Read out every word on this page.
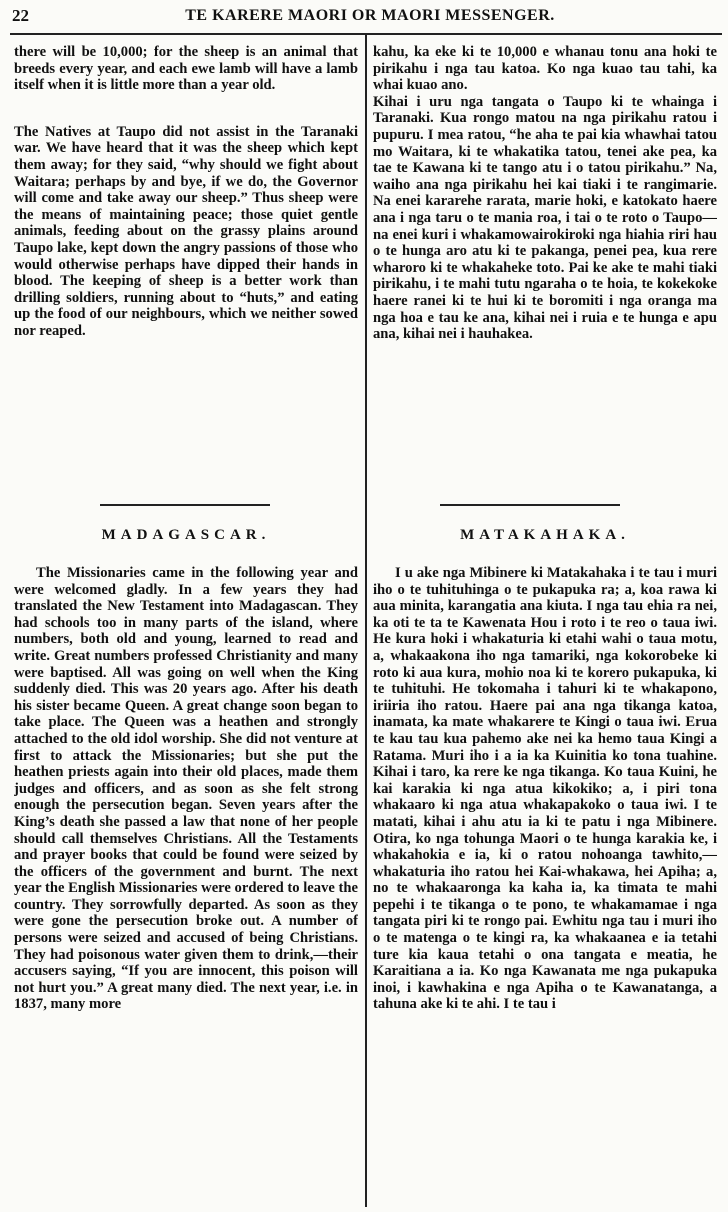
22	TE KARERE MAORI OR MAORI MESSENGER.

there will be 10,000; for the sheep is an animal that breeds every year, and each ewe lamb will have a lamb itself when it is little more than a year old.

The Natives at Taupo did not assist in the Taranaki war. We have heard that it was the sheep which kept them away; for they said, “why should we fight about Waitara; perhaps by and bye, if we do, the Governor will come and take away our sheep.” Thus sheep were the means of maintaining peace; those quiet gentle animals, feeding about on the grassy plains around Taupo lake, kept down the angry passions of those who would otherwise perhaps have dipped their hands in blood. The keeping of sheep is a better work than drilling soldiers, running about to “huts,” and eating up the food of our neighbours, which we neither sowed nor reaped.

kahu, ka eke ki te 10,000 e whanau tonu ana hoki te pirikahu i nga tau katoa. Ko nga kuao tau tahi, ka whai kuao ano.

Kihai i uru nga tangata o Taupo ki te whainga i Taranaki. Kua rongo matou na nga pirikahu ratou i pupuru. I mea ratou, “he aha te pai kia whawhai tatou mo Waitara, ki te whakatika tatou, tenei ake pea, ka tae te Kawana ki te tango atu i o tatou pirikahu.” Na, waiho ana nga pirikahu hei kai tiaki i te rangimarie. Na enei kararehe rarata, marie hoki, e katokato haere ana i nga taru o te mania roa, i tai o te roto o Taupo—na enei kuri i whakamowairokiroki nga hiahia riri hau o te hunga aro atu ki te pakanga, penei pea, kua rere wharoro ki te whakaheke toto. Pai ke ake te mahi tiaki pirikahu, i te mahi tutu ngaraha o te hoia, te kokekoke haere ranei ki te hui ki te boromiti i nga oranga ma nga hoa e tau ke ana, kihai nei i ruia e te hunga e apu ana, kihai nei i hauhakea.

MADAGASCAR.	MATAKAHAKA.

The Missionaries came in the following year and were welcomed gladly. In a few years they had translated the New Testament into Madagascan. They had schools too in many parts of the island, where numbers, both old and young, learned to read and write. Great numbers professed Christianity and many were baptised. All was going on well when the King suddenly died. This was 20 years ago. After his death his sister became Queen. A great change soon began to take place. The Queen was a heathen and strongly attached to the old idol worship. She did not venture at first to attack the Missionaries; but she put the heathen priests again into their old places, made them judges and officers, and as soon as she felt strong enough the persecution began. Seven years after the King’s death she passed a law that none of her people should call themselves Christians. All the Testaments and prayer books that could be found were seized by the officers of the government and burnt. The next year the English Missionaries were ordered to leave the country. They sorrowfully departed. As soon as they were gone the persecution broke out. A number of persons were seized and accused of being Christians. They had poisonous water given them to drink,—their accusers saying, “If you are innocent, this poison will not hurt you.” A great many died. The next year, i.e. in 1837, many more

I u ake nga Mibinere ki Matakahaka i te tau i muri iho o te tuhituhinga o te pukapuka ra; a, koa rawa ki aua minita, karangatia ana kiuta. I nga tau ehia ra nei, ka oti te ta te Kawenata Hou i roto i te reo o taua iwi. He kura hoki i whakaturia ki etahi wahi o taua motu, a, whakaakona iho nga tamariki, nga kokorobeke ki roto ki aua kura, mohio noa ki te korero pukapuka, ki te tuhituhi. He tokomaha i tahuri ki te whakapono, iriiria iho ratou. Haere pai ana nga tikanga katoa, inamata, ka mate whakarere te Kingi o taua iwi. Erua te kau tau kua pahemo ake nei ka hemo taua Kingi a Ratama. Muri iho i a ia ka Kuinitia ko tona tuahine. Kihai i taro, ka rere ke nga tikanga. Ko taua Kuini, he kai karakia ki nga atua kikokiko; a, i piri tona whakaaro ki nga atua whakapakoko o taua iwi. I te matati, kihai i ahu atu ia ki te patu i nga Mibinere. Otira, ko nga tohunga Maori o te hunga karakia ke, i whakahokia e ia, ki o ratou nohoanga tawhito,—whakaturia iho ratou hei Kai-whakawa, hei Apiha; a, no te whakaaronga ka kaha ia, ka timata te mahi pepehi i te tikanga o te pono, te whakamamae i nga tangata piri ki te rongo pai. Ewhitu nga tau i muri iho o te matenga o te kingi ra, ka whakaanea e ia tetahi ture kia kaua tetahi o ona tangata e meatia, he Karaitiana a ia. Ko nga Kawanata me nga pukapuka inoi, i kawhakina e nga Apiha o te Kawanatanga, a tahuna ake ki te ahi. I te tau i
